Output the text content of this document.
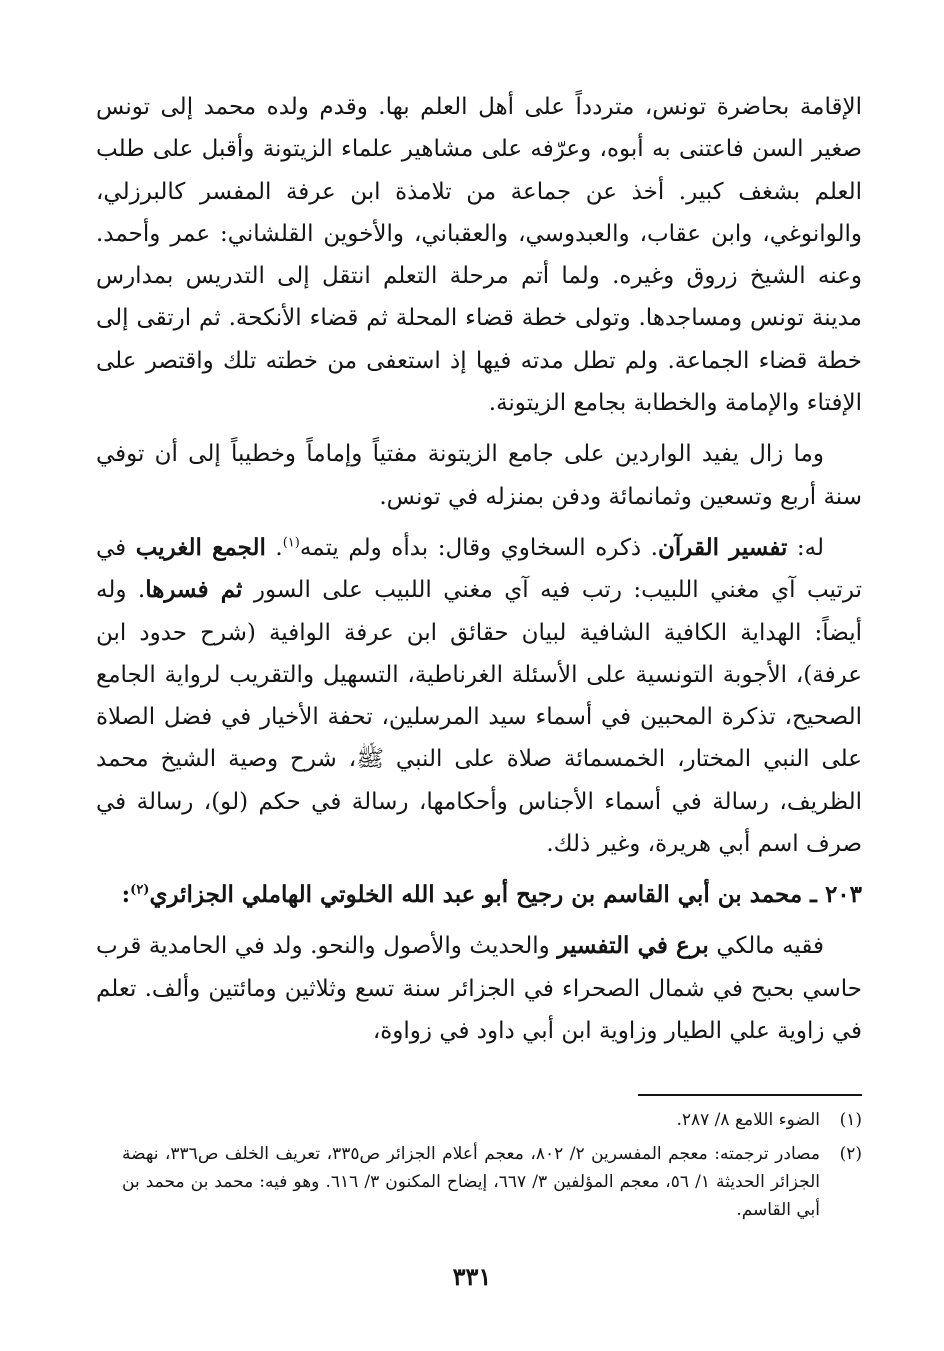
الإقامة بحاضرة تونس، متردداً على أهل العلم بها. وقدم ولده محمد إلى تونس صغير السن فاعتنى به أبوه، وعرّفه على مشاهير علماء الزيتونة وأقبل على طلب العلم بشغف كبير. أخذ عن جماعة من تلامذة ابن عرفة المفسر كالبرزلي، والوانوغي، وابن عقاب، والعبدوسي، والعقباني، والأخوين القلشاني: عمر وأحمد. وعنه الشيخ زروق وغيره. ولما أتم مرحلة التعلم انتقل إلى التدريس بمدارس مدينة تونس ومساجدها. وتولى خطة قضاء المحلة ثم قضاء الأنكحة. ثم ارتقى إلى خطة قضاء الجماعة. ولم تطل مدته فيها إذ استعفى من خطته تلك واقتصر على الإفتاء والإمامة والخطابة بجامع الزيتونة.

وما زال يفيد الواردين على جامع الزيتونة مفتياً وإماماً وخطيباً إلى أن توفي سنة أربع وتسعين وثمانمائة ودفن بمنزله في تونس.

له: تفسير القرآن. ذكره السخاوي وقال: بدأه ولم يتمه$^{(١)}$. الجمع الغريب في ترتيب آي مغني اللبيب: رتب فيه آي مغني اللبيب على السور ثم فسرها. وله أيضاً: الهداية الكافية الشافية لبيان حقائق ابن عرفة الوافية (شرح حدود ابن عرفة)، الأجوبة التونسية على الأسئلة الغرناطية، التسهيل والتقريب لرواية الجامع الصحيح، تذكرة المحبين في أسماء سيد المرسلين، تحفة الأخيار في فضل الصلاة على النبي المختار، الخمسمائة صلاة على النبي ﷺ، شرح وصية الشيخ محمد الظريف، رسالة في أسماء الأجناس وأحكامها، رسالة في حكم (لو)، رسالة في صرف اسم أبي هريرة، وغير ذلك.

٢٠٣ ـ محمد بن أبي القاسم بن رجيح أبو عبد الله الخلوتي الهاملي الجزائري$^{(٢)}$:

فقيه مالكي برع في التفسير والحديث والأصول والنحو. ولد في الحامدية قرب حاسي بحبح في شمال الصحراء في الجزائر سنة تسع وثلاثين ومائتين وألف. تعلم في زاوية علي الطيار وزاوية ابن أبي داود في زواوة،

(١)
الضوء اللامع ٨/ ٢٨٧.
(٢)
مصادر ترجمته: معجم المفسرين ٢/ ٨٠٢، معجم أعلام الجزائر ص٣٣٥، تعريف الخلف ص٣٣٦، نهضة الجزائر الحديثة ١/ ٥٦، معجم المؤلفين ٣/ ٦٦٧، إيضاح المكنون ٣/ ٦١٦. وهو فيه: محمد بن محمد بن أبي القاسم.
٣٣١
